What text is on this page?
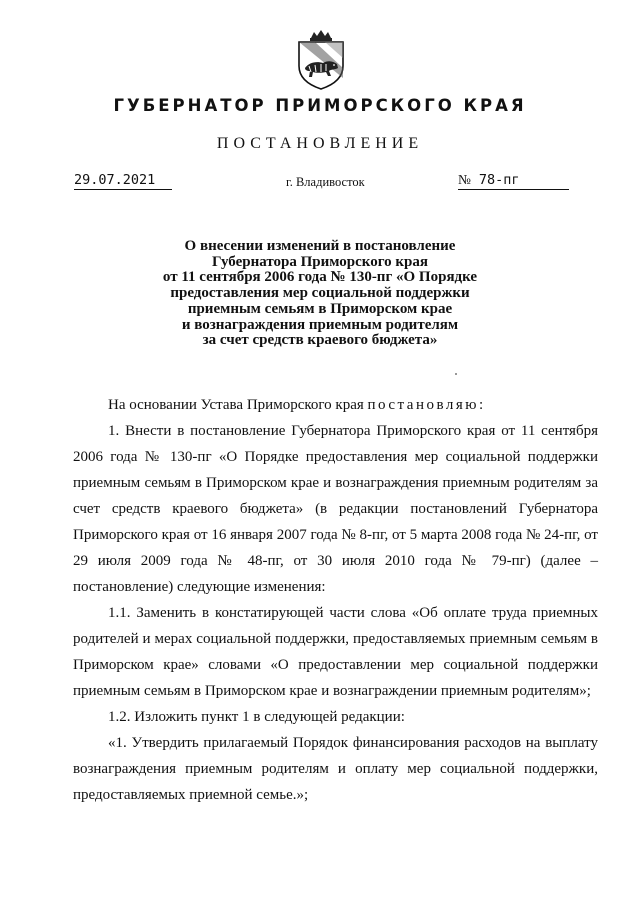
ГУБЕРНАТОР ПРИМОРСКОГО КРАЯ
ПОСТАНОВЛЕНИЕ
29.07.2021	г. Владивосток	№ 78-пг
О внесении изменений в постановление
Губернатора Приморского края
от 11 сентября 2006 года № 130-пг «О Порядке
предоставления мер социальной поддержки
приемным семьям в Приморском крае
и вознаграждения приемным родителям
за счет средств краевого бюджета»

На основании Устава Приморского края постановляю:

1. Внести в постановление Губернатора Приморского края от 11 сентября 2006 года № 130-пг «О Порядке предоставления мер социальной поддержки приемным семьям в Приморском крае и вознаграждения приемным родителям за счет средств краевого бюджета» (в редакции постановлений Губернатора Приморского края от 16 января 2007 года № 8-пг, от 5 марта 2008 года № 24-пг, от 29 июля 2009 года № 48-пг, от 30 июля 2010 года № 79-пг) (далее – постановление) следующие изменения:

1.1. Заменить в констатирующей части слова «Об оплате труда приемных родителей и мерах социальной поддержки, предоставляемых приемным семьям в Приморском крае» словами «О предоставлении мер социальной поддержки приемным семьям в Приморском крае и вознаграждении приемным родителям»;

1.2. Изложить пункт 1 в следующей редакции:

«1. Утвердить прилагаемый Порядок финансирования расходов на выплату вознаграждения приемным родителям и оплату мер социальной поддержки, предоставляемых приемной семье.»;
